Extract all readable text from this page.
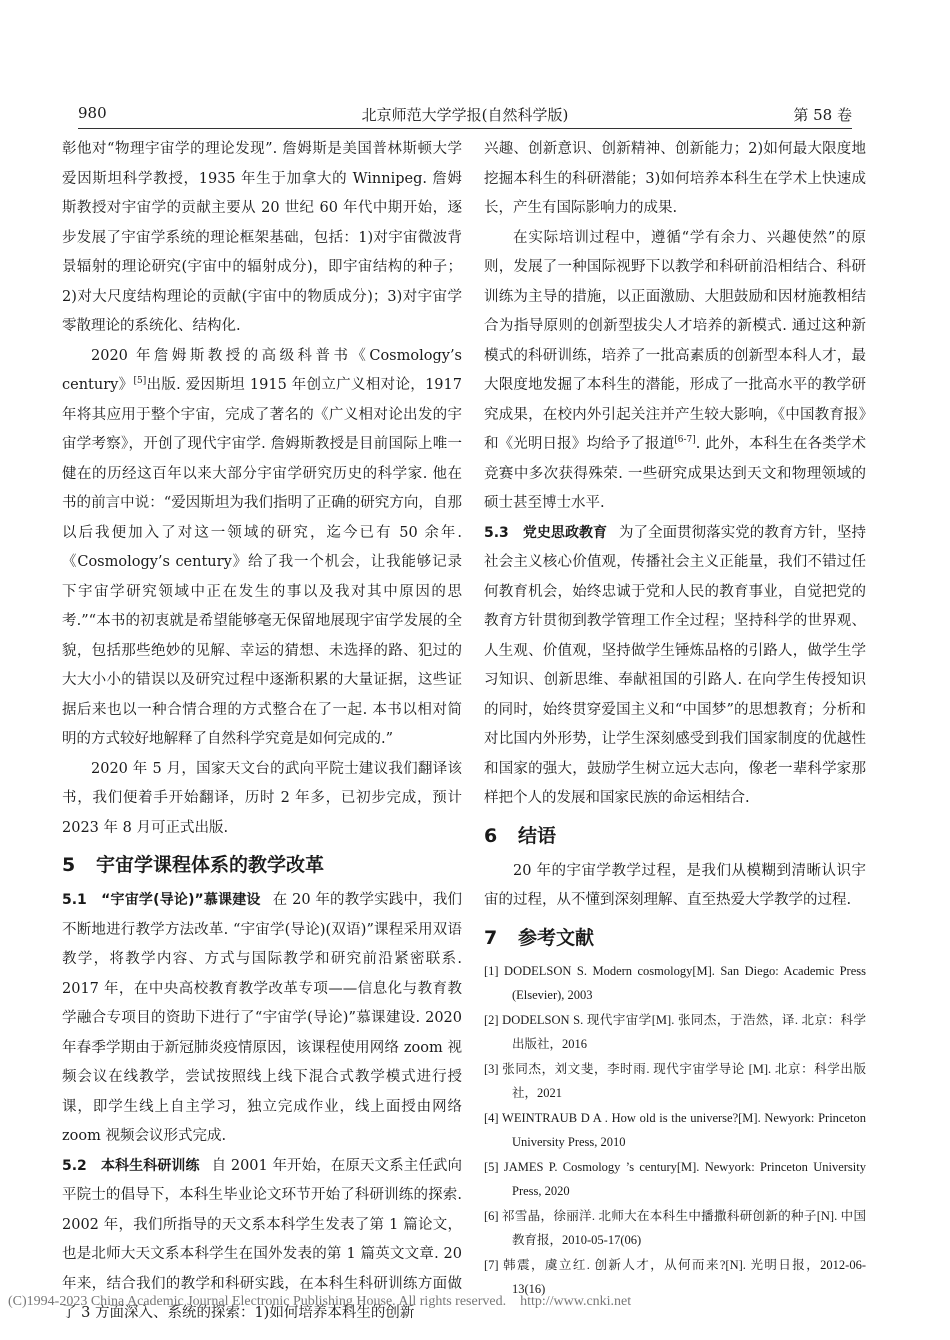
980	北京师范大学学报(自然科学版)	第 58 卷

彰他对“物理宇宙学的理论发现”. 詹姆斯是美国普林斯顿大学爱因斯坦科学教授，1935 年生于加拿大的 Winnipeg. 詹姆斯教授对宇宙学的贡献主要从 20 世纪 60 年代中期开始，逐步发展了宇宙学系统的理论框架基础，包括：1)对宇宙微波背景辐射的理论研究(宇宙中的辐射成分)，即宇宙结构的种子；2)对大尺度结构理论的贡献(宇宙中的物质成分)；3)对宇宙学零散理论的系统化、结构化.

2020 年詹姆斯教授的高级科普书《Cosmology’s century》[5]出版. 爱因斯坦 1915 年创立广义相对论，1917 年将其应用于整个宇宙，完成了著名的《广义相对论出发的宇宙学考察》，开创了现代宇宙学. 詹姆斯教授是目前国际上唯一健在的历经这百年以来大部分宇宙学研究历史的科学家. 他在书的前言中说：“爱因斯坦为我们指明了正确的研究方向，自那以后我便加入了对这一领域的研究，迄今已有 50 余年.《Cosmology’s century》给了我一个机会，让我能够记录下宇宙学研究领域中正在发生的事以及我对其中原因的思考.”“本书的初衷就是希望能够毫无保留地展现宇宙学发展的全貌，包括那些绝妙的见解、幸运的猜想、未选择的路、犯过的大大小小的错误以及研究过程中逐渐积累的大量证据，这些证据后来也以一种合情合理的方式整合在了一起. 本书以相对简明的方式较好地解释了自然科学究竟是如何完成的.”

2020 年 5 月，国家天文台的武向平院士建议我们翻译该书，我们便着手开始翻译，历时 2 年多，已初步完成，预计 2023 年 8 月可正式出版.

5 宇宙学课程体系的教学改革

5.1　“宇宙学(导论)”慕课建设 在 20 年的教学实践中，我们不断地进行教学方法改革. “宇宙学(导论)(双语)”课程采用双语教学，将教学内容、方式与国际教学和研究前沿紧密联系. 2017 年，在中央高校教育教学改革专项——信息化与教育教学融合专项目的资助下进行了“宇宙学(导论)”慕课建设. 2020 年春季学期由于新冠肺炎疫情原因，该课程使用网络 zoom 视频会议在线教学，尝试按照线上线下混合式教学模式进行授课，即学生线上自主学习，独立完成作业，线上面授由网络 zoom 视频会议形式完成.

5.2　本科生科研训练 自 2001 年开始，在原天文系主任武向平院士的倡导下，本科生毕业论文环节开始了科研训练的探索. 2002 年，我们所指导的天文系本科学生发表了第 1 篇论文，也是北师大天文系本科学生在国外发表的第 1 篇英文文章. 20 年来，结合我们的教学和科研实践，在本科生科研训练方面做了 3 方面深入、系统的探索：1)如何培养本科生的创新

兴趣、创新意识、创新精神、创新能力；2)如何最大限度地挖掘本科生的科研潜能；3)如何培养本科生在学术上快速成长，产生有国际影响力的成果.

在实际培训过程中，遵循“学有余力、兴趣使然”的原则，发展了一种国际视野下以教学和科研前沿相结合、科研训练为主导的措施，以正面激励、大胆鼓励和因材施教相结合为指导原则的创新型拔尖人才培养的新模式. 通过这种新模式的科研训练，培养了一批高素质的创新型本科人才，最大限度地发掘了本科生的潜能，形成了一批高水平的教学研究成果，在校内外引起关注并产生较大影响，《中国教育报》和《光明日报》均给予了报道[6-7]. 此外，本科生在各类学术竞赛中多次获得殊荣. 一些研究成果达到天文和物理领域的硕士甚至博士水平.

5.3　党史思政教育 为了全面贯彻落实党的教育方针，坚持社会主义核心价值观，传播社会主义正能量，我们不错过任何教育机会，始终忠诚于党和人民的教育事业，自觉把党的教育方针贯彻到教学管理工作全过程；坚持科学的世界观、人生观、价值观，坚持做学生锤炼品格的引路人，做学生学习知识、创新思维、奉献祖国的引路人. 在向学生传授知识的同时，始终贯穿爱国主义和“中国梦”的思想教育；分析和对比国内外形势，让学生深刻感受到我们国家制度的优越性和国家的强大，鼓励学生树立远大志向，像老一辈科学家那样把个人的发展和国家民族的命运相结合.

6 结语

20 年的宇宙学教学过程，是我们从模糊到清晰认识宇宙的过程，从不懂到深刻理解、直至热爱大学教学的过程.

7 参考文献
[1] DODELSON S. Modern cosmology[M]. San Diego: Academic Press (Elsevier), 2003
[2] DODELSON S. 现代宇宙学[M]. 张同杰，于浩然，译. 北京：科学出版社，2016
[3] 张同杰，刘文斐，李时雨. 现代宇宙学导论 [M]. 北京：科学出版社，2021
[4] WEINTRAUB D A . How old is the universe?[M]. Newyork: Princeton University Press, 2010
[5] JAMES P. Cosmology ’s century[M]. Newyork: Princeton University Press, 2020
[6] 祁雪晶，徐丽洋. 北师大在本科生中播撒科研创新的种子[N]. 中国教育报，2010-05-17(06)
[7] 韩震，虞立红. 创新人才，从何而来?[N]. 光明日报，2012-06-13(16)
(C)1994-2023 China Academic Journal Electronic Publishing House. All rights reserved.　http://www.cnki.net
